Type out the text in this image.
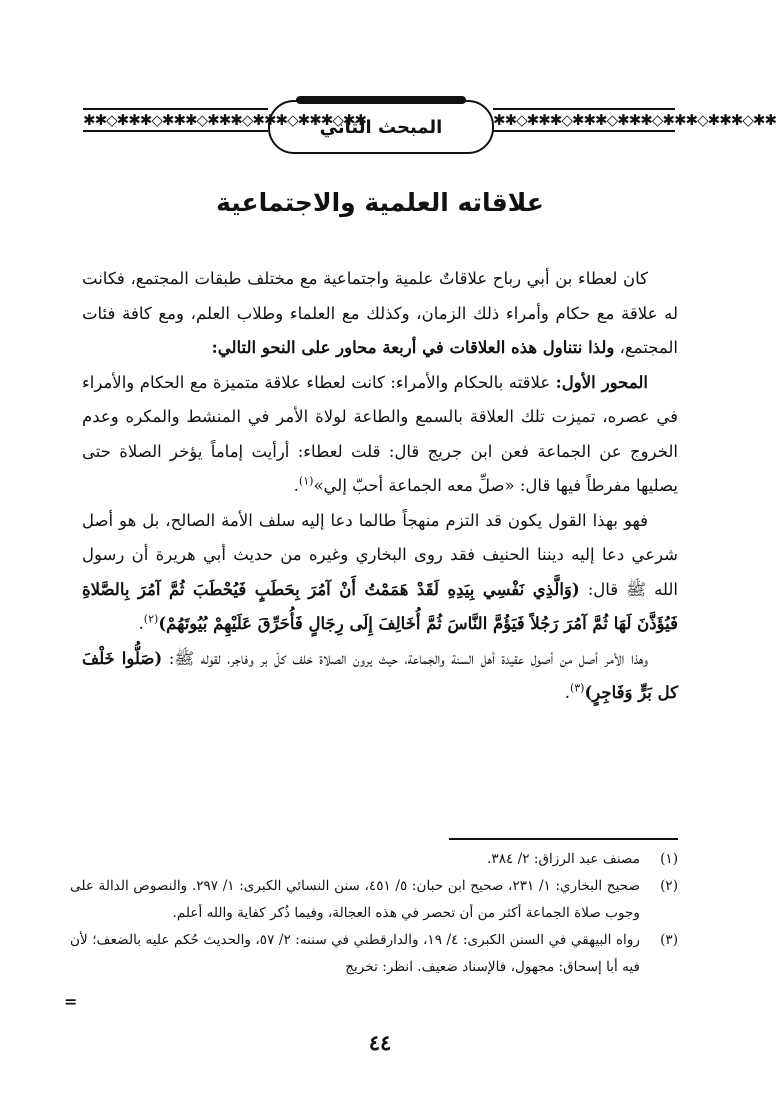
✱✱◇✱✱✱◇✱✱✱◇✱✱✱◇✱✱✱◇✱✱✱◇✱✱	✱✱◇✱✱✱◇✱✱✱◇✱✱✱◇✱✱✱◇✱✱✱◇✱✱
المبحث الثاني
علاقاته العلمية والاجتماعية

كان لعطاء بن أبي رباح علاقاتٌ علمية واجتماعية مع مختلف طبقات المجتمع، فكانت له علاقة مع حكام وأمراء ذلك الزمان، وكذلك مع العلماء وطلاب العلم، ومع كافة فئات المجتمع، ولذا نتناول هذه العلاقات في أربعة محاور على النحو التالي:

المحور الأول: علاقته بالحكام والأمراء: كانت لعطاء علاقة متميزة مع الحكام والأمراء في عصره، تميزت تلك العلاقة بالسمع والطاعة لولاة الأمر في المنشط والمكره وعدم الخروج عن الجماعة فعن ابن جريج قال: قلت لعطاء: أرأيت إماماً يؤخر الصلاة حتى يصليها مفرطاً فيها قال: «صلِّ معه الجماعة أحبّ إلي»$^{(١)}$.

فهو بهذا القول يكون قد التزم منهجاً طالما دعا إليه سلف الأمة الصالح، بل هو أصل شرعي دعا إليه ديننا الحنيف فقد روى البخاري وغيره من حديث أبي هريرة أن رسول الله ﷺ قال: (وَالَّذِي نَفْسِي بِيَدِهِ لَقَدْ هَمَمْتُ أَنْ آمُرَ بِحَطَبٍ فَيُحْطَبَ ثُمَّ آمُرَ بِالصَّلاةِ فَيُؤَذَّنَ لَهَا ثُمَّ آمُرَ رَجُلاً فَيَؤُمَّ النَّاسَ ثُمَّ أُخَالِفَ إِلَى رِجَالٍ فَأُحَرِّقَ عَلَيْهِمْ بُيُوتَهُمْ)$^{(٢)}$.

وهذا الأمر أصل من أصول عقيدة أهل السنة والجماعة، حيث يرون الصلاة خلف كلّ بر وفاجر، لقوله ﷺ: (صَلُّوا خَلْفَ كل بَرٍّ وَفَاجِرٍ)$^{(٣)}$.

(١)
مصنف عبد الرزاق: ٢/ ٣٨٤.
(٢)
صحيح البخاري: ١/ ٢٣١، صحيح ابن حبان: ٥/ ٤٥١، سنن النسائي الكبرى: ١/ ٢٩٧. والنصوص الدالة على وجوب صلاة الجماعة أكثر من أن تحصر في هذه العجالة، وفيما ذُكر كفاية والله أعلم.
(٣)
رواه البيهقي في السنن الكبرى: ٤/ ١٩، والدارقطني في سننه: ٢/ ٥٧، والحديث حُكم عليه بالضعف؛ لأن فيه أبا إسحاق: مجهول، فالإسناد ضعيف. انظر: تخريج
=
٤٤
